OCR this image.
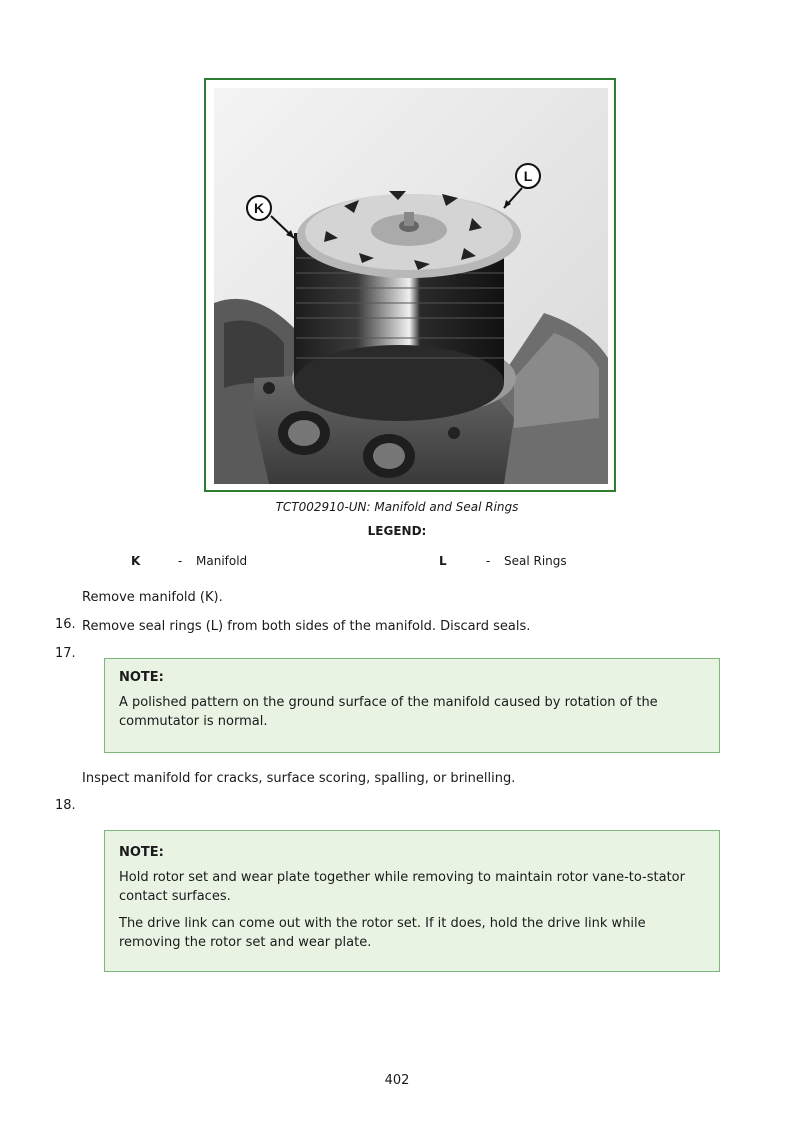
K
L
TCT002910-UN: Manifold and Seal Rings
LEGEND:
K	- Manifold	L	- Seal Rings
Remove manifold (K).
16. Remove seal rings (L) from both sides of the manifold. Discard seals.
17.
NOTE:
A polished pattern on the ground surface of the manifold caused by rotation of the commutator is normal.
Inspect manifold for cracks, surface scoring, spalling, or brinelling.
18.
NOTE:
Hold rotor set and wear plate together while removing to maintain rotor vane-to-stator contact surfaces.
The drive link can come out with the rotor set. If it does, hold the drive link while removing the rotor set and wear plate.
402
